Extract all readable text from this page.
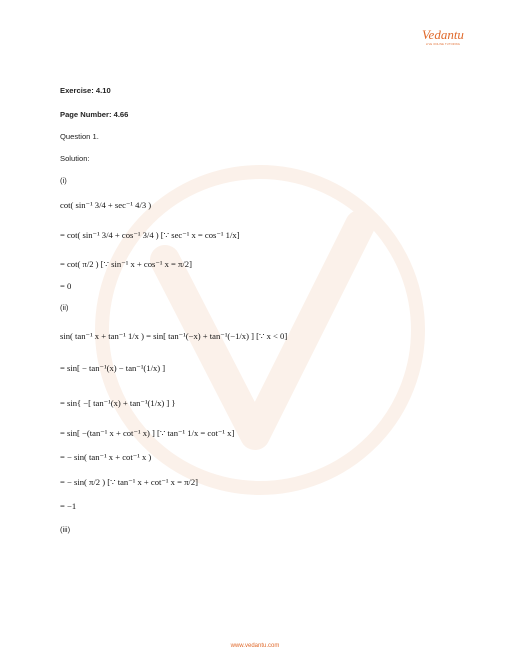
Vedantu
LIVE ONLINE TUTORING
Exercise: 4.10
Page Number: 4.66
Question 1.
Solution:
(i)
cot( sin⁻¹ 3/4 + sec⁻¹ 4/3 )
= cot( sin⁻¹ 3/4 + cos⁻¹ 3/4 ) [∵ sec⁻¹ x = cos⁻¹ 1/x]
= cot( π/2 ) [∵ sin⁻¹ x + cos⁻¹ x = π/2]
= 0
(ii)
sin( tan⁻¹ x + tan⁻¹ 1/x ) = sin[ tan⁻¹(−x) + tan⁻¹(−1/x) ] [∵ x < 0]
= sin[ − tan⁻¹(x) − tan⁻¹(1/x) ]
= sin{ −[ tan⁻¹(x) + tan⁻¹(1/x) ] }
= sin[ −(tan⁻¹ x + cot⁻¹ x) ] [∵ tan⁻¹ 1/x = cot⁻¹ x]
= − sin( tan⁻¹ x + cot⁻¹ x )
= − sin( π/2 ) [∵ tan⁻¹ x + cot⁻¹ x = π/2]
= −1
(iii)
www.vedantu.com
